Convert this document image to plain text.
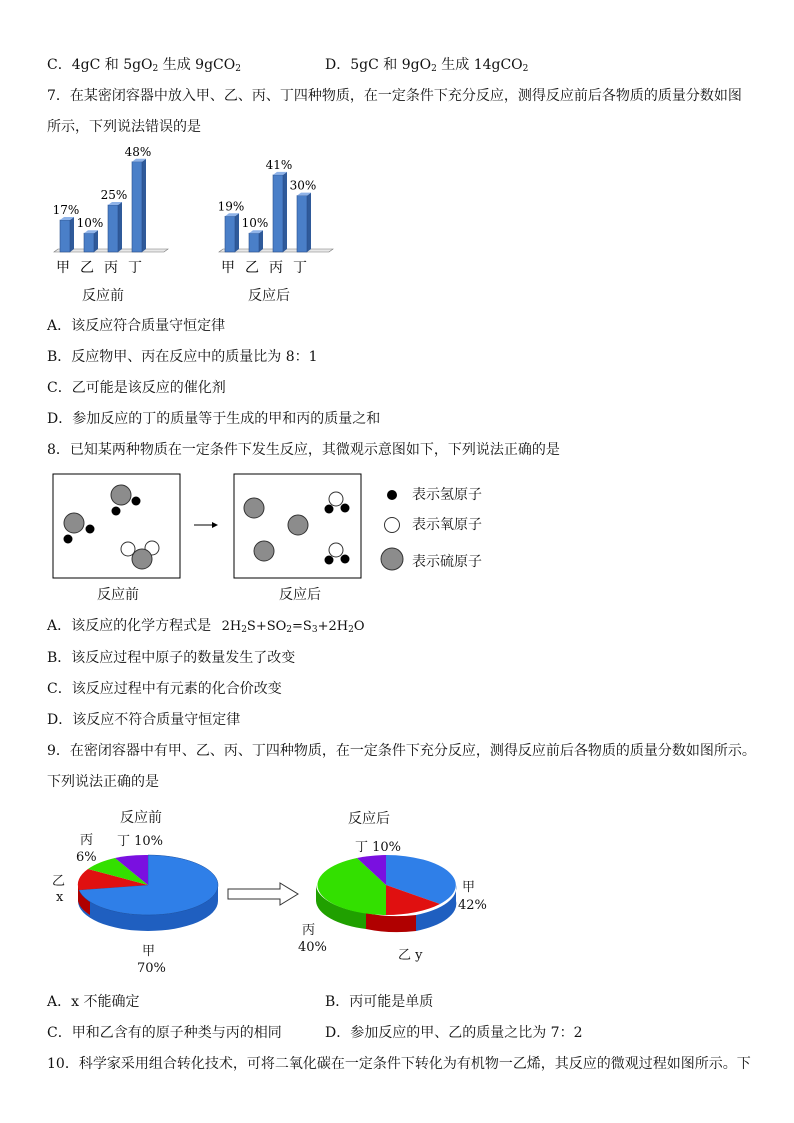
C．4gC 和 $5gO_2$ 生成 9gCO$_2$	D．5gC 和 $9gO_2$ 生成 14gCO$_2$
7．在某密闭容器中放入甲、乙、丙、丁四种物质，在一定条件下充分反应，测得反应前后各物质的质量分数如图
所示，下列说法错误的是
17%
甲
10%
乙
25%
丙
48%
丁
19%
甲
10%
乙
41%
丙
30%
丁
反应前	反应后
A．该反应符合质量守恒定律
B．反应物甲、丙在反应中的质量比为 8：1
C．乙可能是该反应的催化剂
D．参加反应的丁的质量等于生成的甲和丙的质量之和
8．已知某两种物质在一定条件下发生反应，其微观示意图如下，下列说法正确的是
表示氢原子
表示氧原子
表示硫原子
反应前	反应后
A．该反应的化学方程式是 $2H_2S+SO_2=S_3+2H_2O$
B．该反应过程中原子的数量发生了改变
C．该反应过程中有元素的化合价改变
D．该反应不符合质量守恒定律
9．在密闭容器中有甲、乙、丙、丁四种物质，在一定条件下充分反应，测得反应前后各物质的质量分数如图所示。
下列说法正确的是
反应前
丙
6%
丁 10%
乙
x
甲
70%
反应后
丁 10%
甲
42%
丙
40%
乙 y
A．x 不能确定	B．丙可能是单质
C．甲和乙含有的原子种类与丙的相同	D．参加反应的甲、乙的质量之比为 7：2
10．科学家采用组合转化技术，可将二氧化碳在一定条件下转化为有机物一乙烯，其反应的微观过程如图所示。下
